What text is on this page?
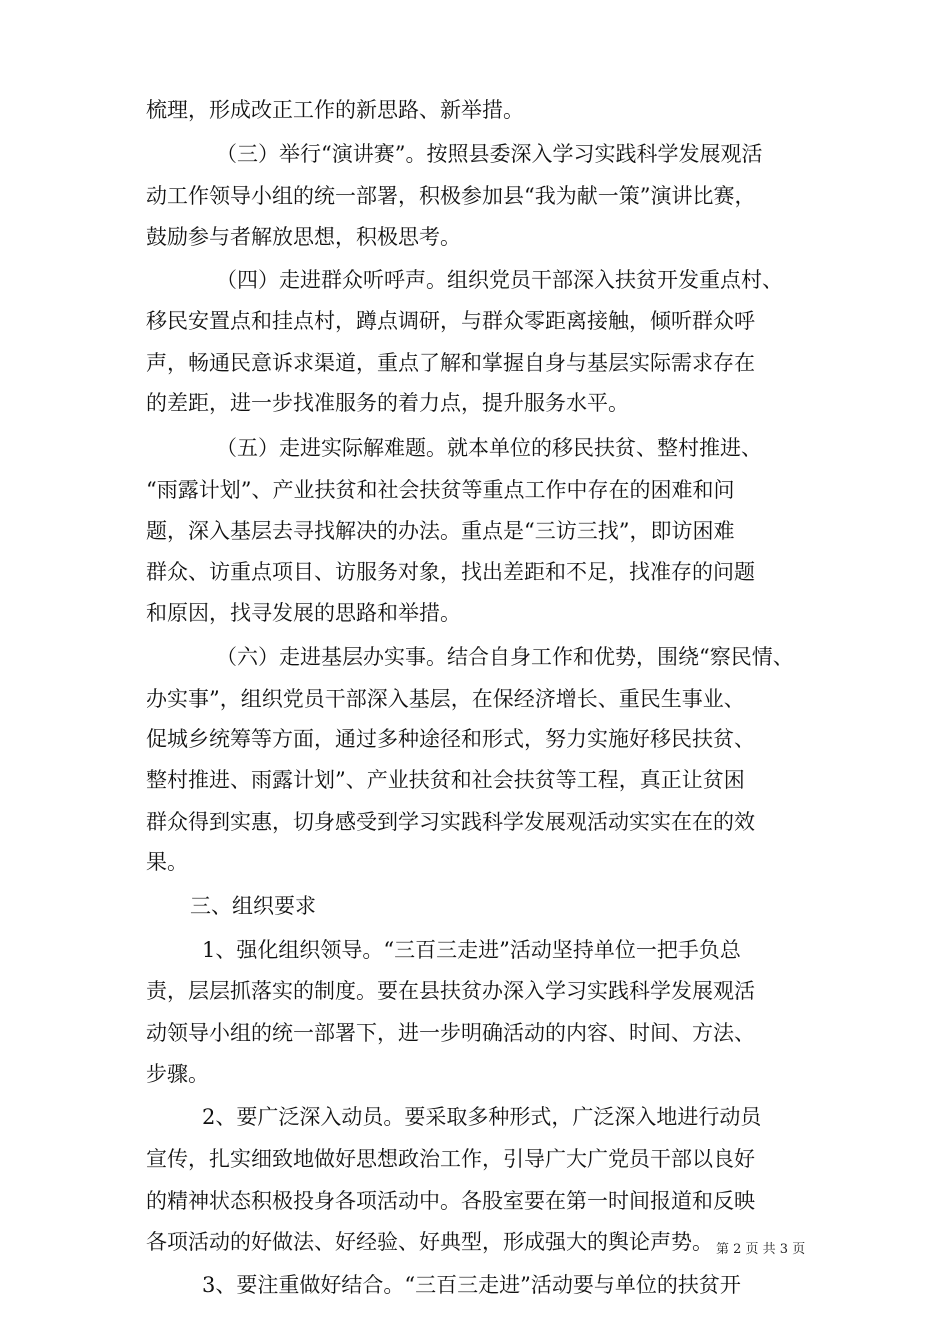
梳理，形成改正工作的新思路、新举措。
（三）举行“演讲赛”。按照县委深入学习实践科学发展观活
动工作领导小组的统一部署，积极参加县“我为献一策”演讲比赛，
鼓励参与者解放思想，积极思考。
（四）走进群众听呼声。组织党员干部深入扶贫开发重点村、
移民安置点和挂点村，蹲点调研，与群众零距离接触，倾听群众呼
声，畅通民意诉求渠道，重点了解和掌握自身与基层实际需求存在
的差距，进一步找准服务的着力点，提升服务水平。
（五）走进实际解难题。就本单位的移民扶贫、整村推进、
“雨露计划”、产业扶贫和社会扶贫等重点工作中存在的困难和问
题，深入基层去寻找解决的办法。重点是“三访三找”，即访困难
群众、访重点项目、访服务对象，找出差距和不足，找准存的问题
和原因，找寻发展的思路和举措。
（六）走进基层办实事。结合自身工作和优势，围绕“察民情、
办实事”，组织党员干部深入基层，在保经济增长、重民生事业、
促城乡统筹等方面，通过多种途径和形式，努力实施好移民扶贫、
整村推进、雨露计划”、产业扶贫和社会扶贫等工程，真正让贫困
群众得到实惠，切身感受到学习实践科学发展观活动实实在在的效
果。
三、组织要求
1、强化组织领导。“三百三走进”活动坚持单位一把手负总
责，层层抓落实的制度。要在县扶贫办深入学习实践科学发展观活
动领导小组的统一部署下，进一步明确活动的内容、时间、方法、
步骤。
2、要广泛深入动员。要采取多种形式，广泛深入地进行动员
宣传，扎实细致地做好思想政治工作，引导广大广党员干部以良好
的精神状态积极投身各项活动中。各股室要在第一时间报道和反映
各项活动的好做法、好经验、好典型，形成强大的舆论声势。
3、要注重做好结合。“三百三走进”活动要与单位的扶贫开
第 2 页 共 3 页
